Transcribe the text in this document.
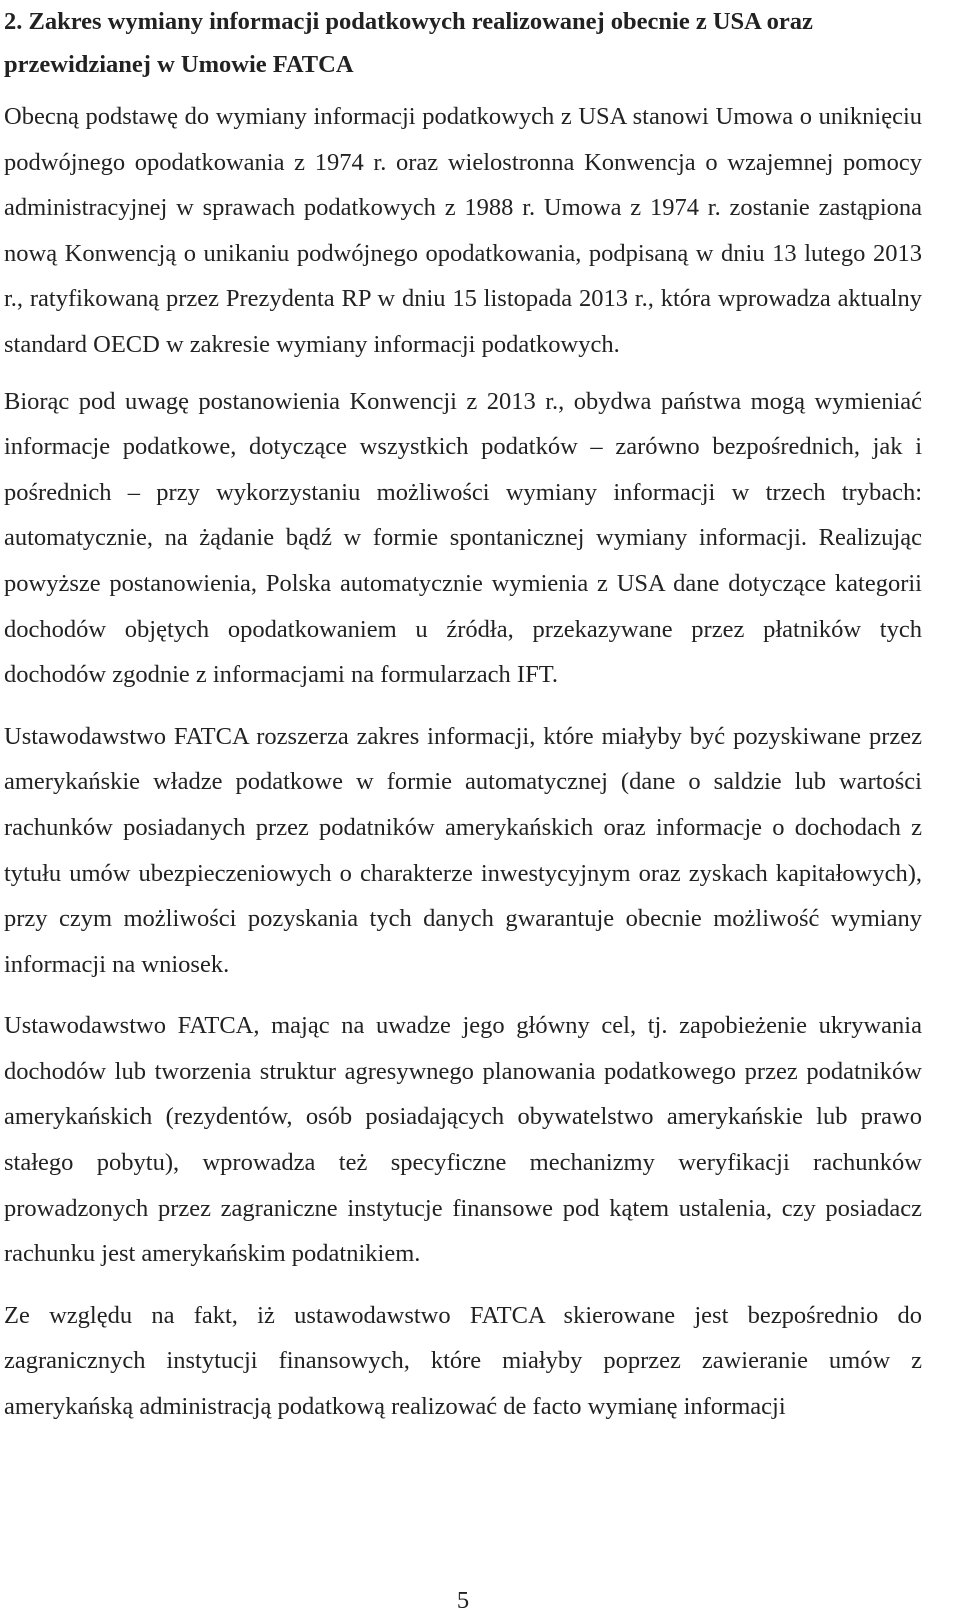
2. Zakres wymiany informacji podatkowych realizowanej obecnie z USA oraz przewidzianej w Umowie FATCA

Obecną podstawę do wymiany informacji podatkowych z USA stanowi Umowa o uniknięciu podwójnego opodatkowania z 1974 r. oraz wielostronna Konwencja o wzajemnej pomocy administracyjnej w sprawach podatkowych z 1988 r. Umowa z 1974 r. zostanie zastąpiona nową Konwencją o unikaniu podwójnego opodatkowania, podpisaną w dniu 13 lutego 2013 r., ratyfikowaną przez Prezydenta RP w dniu 15 listopada 2013 r., która wprowadza aktualny standard OECD w zakresie wymiany informacji podatkowych.

Biorąc pod uwagę postanowienia Konwencji z 2013 r., obydwa państwa mogą wymieniać informacje podatkowe, dotyczące wszystkich podatków – zarówno bezpośrednich, jak i pośrednich – przy wykorzystaniu możliwości wymiany informacji w trzech trybach: automatycznie, na żądanie bądź w formie spontanicznej wymiany informacji. Realizując powyższe postanowienia, Polska automatycznie wymienia z USA dane dotyczące kategorii dochodów objętych opodatkowaniem u źródła, przekazywane przez płatników tych dochodów zgodnie z informacjami na formularzach IFT.

Ustawodawstwo FATCA rozszerza zakres informacji, które miałyby być pozyskiwane przez amerykańskie władze podatkowe w formie automatycznej (dane o saldzie lub wartości rachunków posiadanych przez podatników amerykańskich oraz informacje o dochodach z tytułu umów ubezpieczeniowych o charakterze inwestycyjnym oraz zyskach kapitałowych), przy czym możliwości pozyskania tych danych gwarantuje obecnie możliwość wymiany informacji na wniosek.

Ustawodawstwo FATCA, mając na uwadze jego główny cel, tj. zapobieżenie ukrywania dochodów lub tworzenia struktur agresywnego planowania podatkowego przez podatników amerykańskich (rezydentów, osób posiadających obywatelstwo amerykańskie lub prawo stałego pobytu), wprowadza też specyficzne mechanizmy weryfikacji rachunków prowadzonych przez zagraniczne instytucje finansowe pod kątem ustalenia, czy posiadacz rachunku jest amerykańskim podatnikiem.

Ze względu na fakt, iż ustawodawstwo FATCA skierowane jest bezpośrednio do zagranicznych instytucji finansowych, które miałyby poprzez zawieranie umów z amerykańską administracją podatkową realizować de facto wymianę informacji

5
